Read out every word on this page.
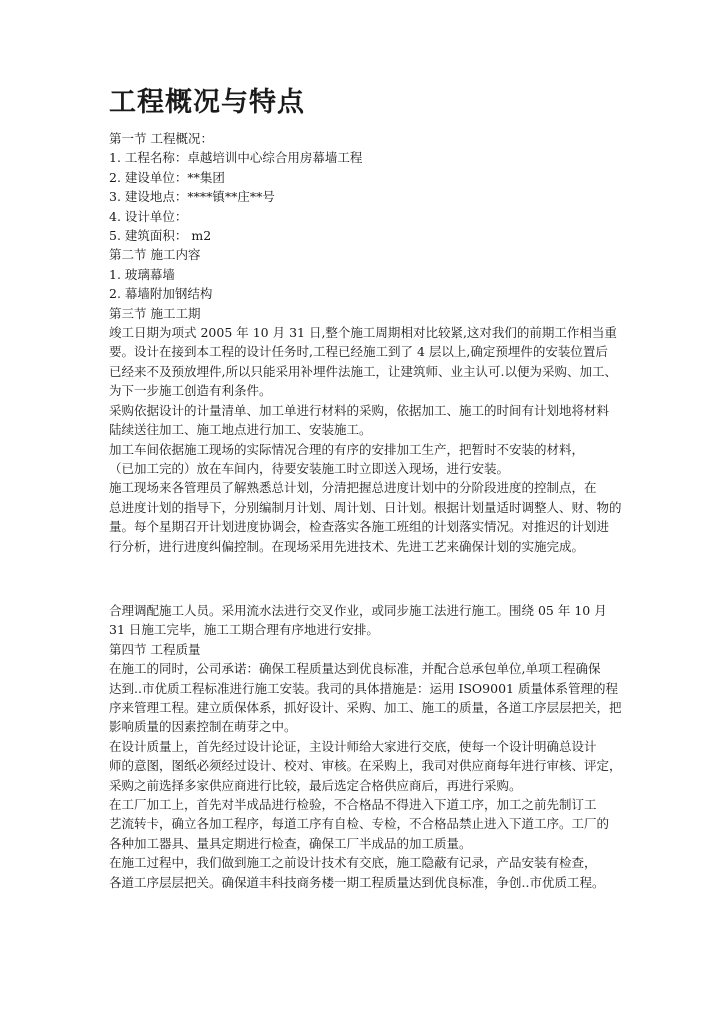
工程概况与特点

第一节 工程概况：

1. 工程名称：卓越培训中心综合用房幕墙工程

2. 建设单位：**集团

3. 建设地点：****镇**庄**号

4. 设计单位：

5. 建筑面积： m2

第二节 施工内容

1. 玻璃幕墙

2. 幕墙附加钢结构

第三节 施工工期

竣工日期为项式 2005 年 10 月 31 日,整个施工周期相对比较紧,这对我们的前期工作相当重

要。设计在接到本工程的设计任务时,工程已经施工到了 4 层以上,确定预埋件的安装位置后

已经来不及预放埋件,所以只能采用补埋件法施工，让建筑师、业主认可.以便为采购、加工、

为下一步施工创造有利条件。

采购依据设计的计量清单、加工单进行材料的采购，依据加工、施工的时间有计划地将材料

陆续送往加工、施工地点进行加工、安装施工。

加工车间依据施工现场的实际情况合理的有序的安排加工生产，把暂时不安装的材料，

（已加工完的）放在车间内，待要安装施工时立即送入现场，进行安装。

施工现场来各管理员了解熟悉总计划，分清把握总进度计划中的分阶段进度的控制点，在

总进度计划的指导下，分别编制月计划、周计划、日计划。根据计划量适时调整人、财、物的

量。每个星期召开计划进度协调会，检查落实各施工班组的计划落实情况。对推迟的计划进

行分析，进行进度纠偏控制。在现场采用先进技术、先进工艺来确保计划的实施完成。

合理调配施工人员。采用流水法进行交叉作业，或同步施工法进行施工。围绕 05 年 10 月

31 日施工完毕，施工工期合理有序地进行安排。

第四节 工程质量

在施工的同时，公司承诺：确保工程质量达到优良标准，并配合总承包单位,单项工程确保

达到..市优质工程标准进行施工安装。我司的具体措施是：运用 ISO9001 质量体系管理的程

序来管理工程。建立质保体系，抓好设计、采购、加工、施工的质量，各道工序层层把关，把

影响质量的因素控制在萌芽之中。

在设计质量上，首先经过设计论证，主设计师给大家进行交底，使每一个设计明确总设计

师的意图，图纸必须经过设计、校对、审核。在采购上，我司对供应商每年进行审核、评定，

采购之前选择多家供应商进行比较，最后选定合格供应商后，再进行采购。

在工厂加工上，首先对半成品进行检验，不合格品不得进入下道工序，加工之前先制订工

艺流转卡，确立各加工程序，每道工序有自检、专检，不合格品禁止进入下道工序。工厂的

各种加工器具、量具定期进行检查，确保工厂半成品的加工质量。

在施工过程中，我们做到施工之前设计技术有交底，施工隐蔽有记录，产品安装有检查，

各道工序层层把关。确保道丰科技商务楼一期工程质量达到优良标准，争创..市优质工程。
